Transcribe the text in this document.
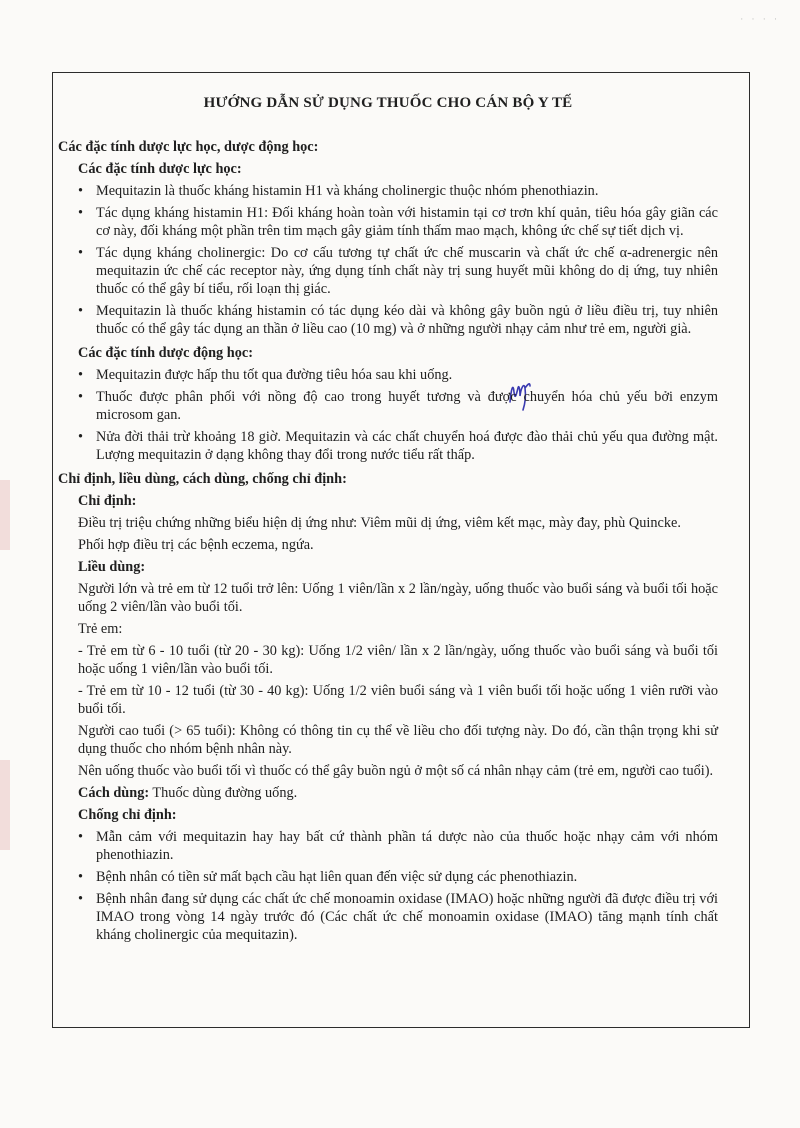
· · · ·
HƯỚNG DẪN SỬ DỤNG THUỐC CHO CÁN BỘ Y TẾ
Các đặc tính dược lực học, dược động học:
Các đặc tính dược lực học:
• Mequitazin là thuốc kháng histamin H1 và kháng cholinergic thuộc nhóm phenothiazin.
• Tác dụng kháng histamin H1: Đối kháng hoàn toàn với histamin tại cơ trơn khí quản, tiêu hóa gây giãn các cơ này, đối kháng một phần trên tim mạch gây giảm tính thấm mao mạch, không ức chế sự tiết dịch vị.
• Tác dụng kháng cholinergic: Do cơ cấu tương tự chất ức chế muscarin và chất ức chế α-adrenergic nên mequitazin ức chế các receptor này, ứng dụng tính chất này trị sung huyết mũi không do dị ứng, tuy nhiên thuốc có thể gây bí tiểu, rối loạn thị giác.
• Mequitazin là thuốc kháng histamin có tác dụng kéo dài và không gây buồn ngủ ở liều điều trị, tuy nhiên thuốc có thể gây tác dụng an thần ở liều cao (10 mg) và ở những người nhạy cảm như trẻ em, người già.
Các đặc tính dược động học:
• Mequitazin được hấp thu tốt qua đường tiêu hóa sau khi uống.
• Thuốc được phân phối với nồng độ cao trong huyết tương và được chuyển hóa chủ yếu bởi enzym microsom gan.
• Nửa đời thải trừ khoảng 18 giờ. Mequitazin và các chất chuyển hoá được đào thải chủ yếu qua đường mật. Lượng mequitazin ở dạng không thay đổi trong nước tiểu rất thấp.
Chỉ định, liều dùng, cách dùng, chống chỉ định:
Chỉ định:
Điều trị triệu chứng những biểu hiện dị ứng như: Viêm mũi dị ứng, viêm kết mạc, mày đay, phù Quincke.
Phối hợp điều trị các bệnh eczema, ngứa.
Liều dùng:
Người lớn và trẻ em từ 12 tuổi trở lên: Uống 1 viên/lần x 2 lần/ngày, uống thuốc vào buổi sáng và buổi tối hoặc uống 2 viên/lần vào buổi tối.
Trẻ em:
- Trẻ em từ 6 - 10 tuổi (từ 20 - 30 kg): Uống 1/2 viên/ lần x 2 lần/ngày, uống thuốc vào buổi sáng và buổi tối hoặc uống 1 viên/lần vào buổi tối.
- Trẻ em từ 10 - 12 tuổi (từ 30 - 40 kg): Uống 1/2 viên buổi sáng và 1 viên buổi tối hoặc uống 1 viên rưỡi vào buổi tối.
Người cao tuổi (> 65 tuổi): Không có thông tin cụ thể về liều cho đối tượng này. Do đó, cần thận trọng khi sử dụng thuốc cho nhóm bệnh nhân này.
Nên uống thuốc vào buổi tối vì thuốc có thể gây buồn ngủ ở một số cá nhân nhạy cảm (trẻ em, người cao tuổi).
Cách dùng: Thuốc dùng đường uống.
Chống chỉ định:
• Mẫn cảm với mequitazin hay hay bất cứ thành phần tá dược nào của thuốc hoặc nhạy cảm với nhóm phenothiazin.
• Bệnh nhân có tiền sử mất bạch cầu hạt liên quan đến việc sử dụng các phenothiazin.
• Bệnh nhân đang sử dụng các chất ức chế monoamin oxidase (IMAO) hoặc những người đã được điều trị với IMAO trong vòng 14 ngày trước đó (Các chất ức chế monoamin oxidase (IMAO) tăng mạnh tính chất kháng cholinergic của mequitazin).
